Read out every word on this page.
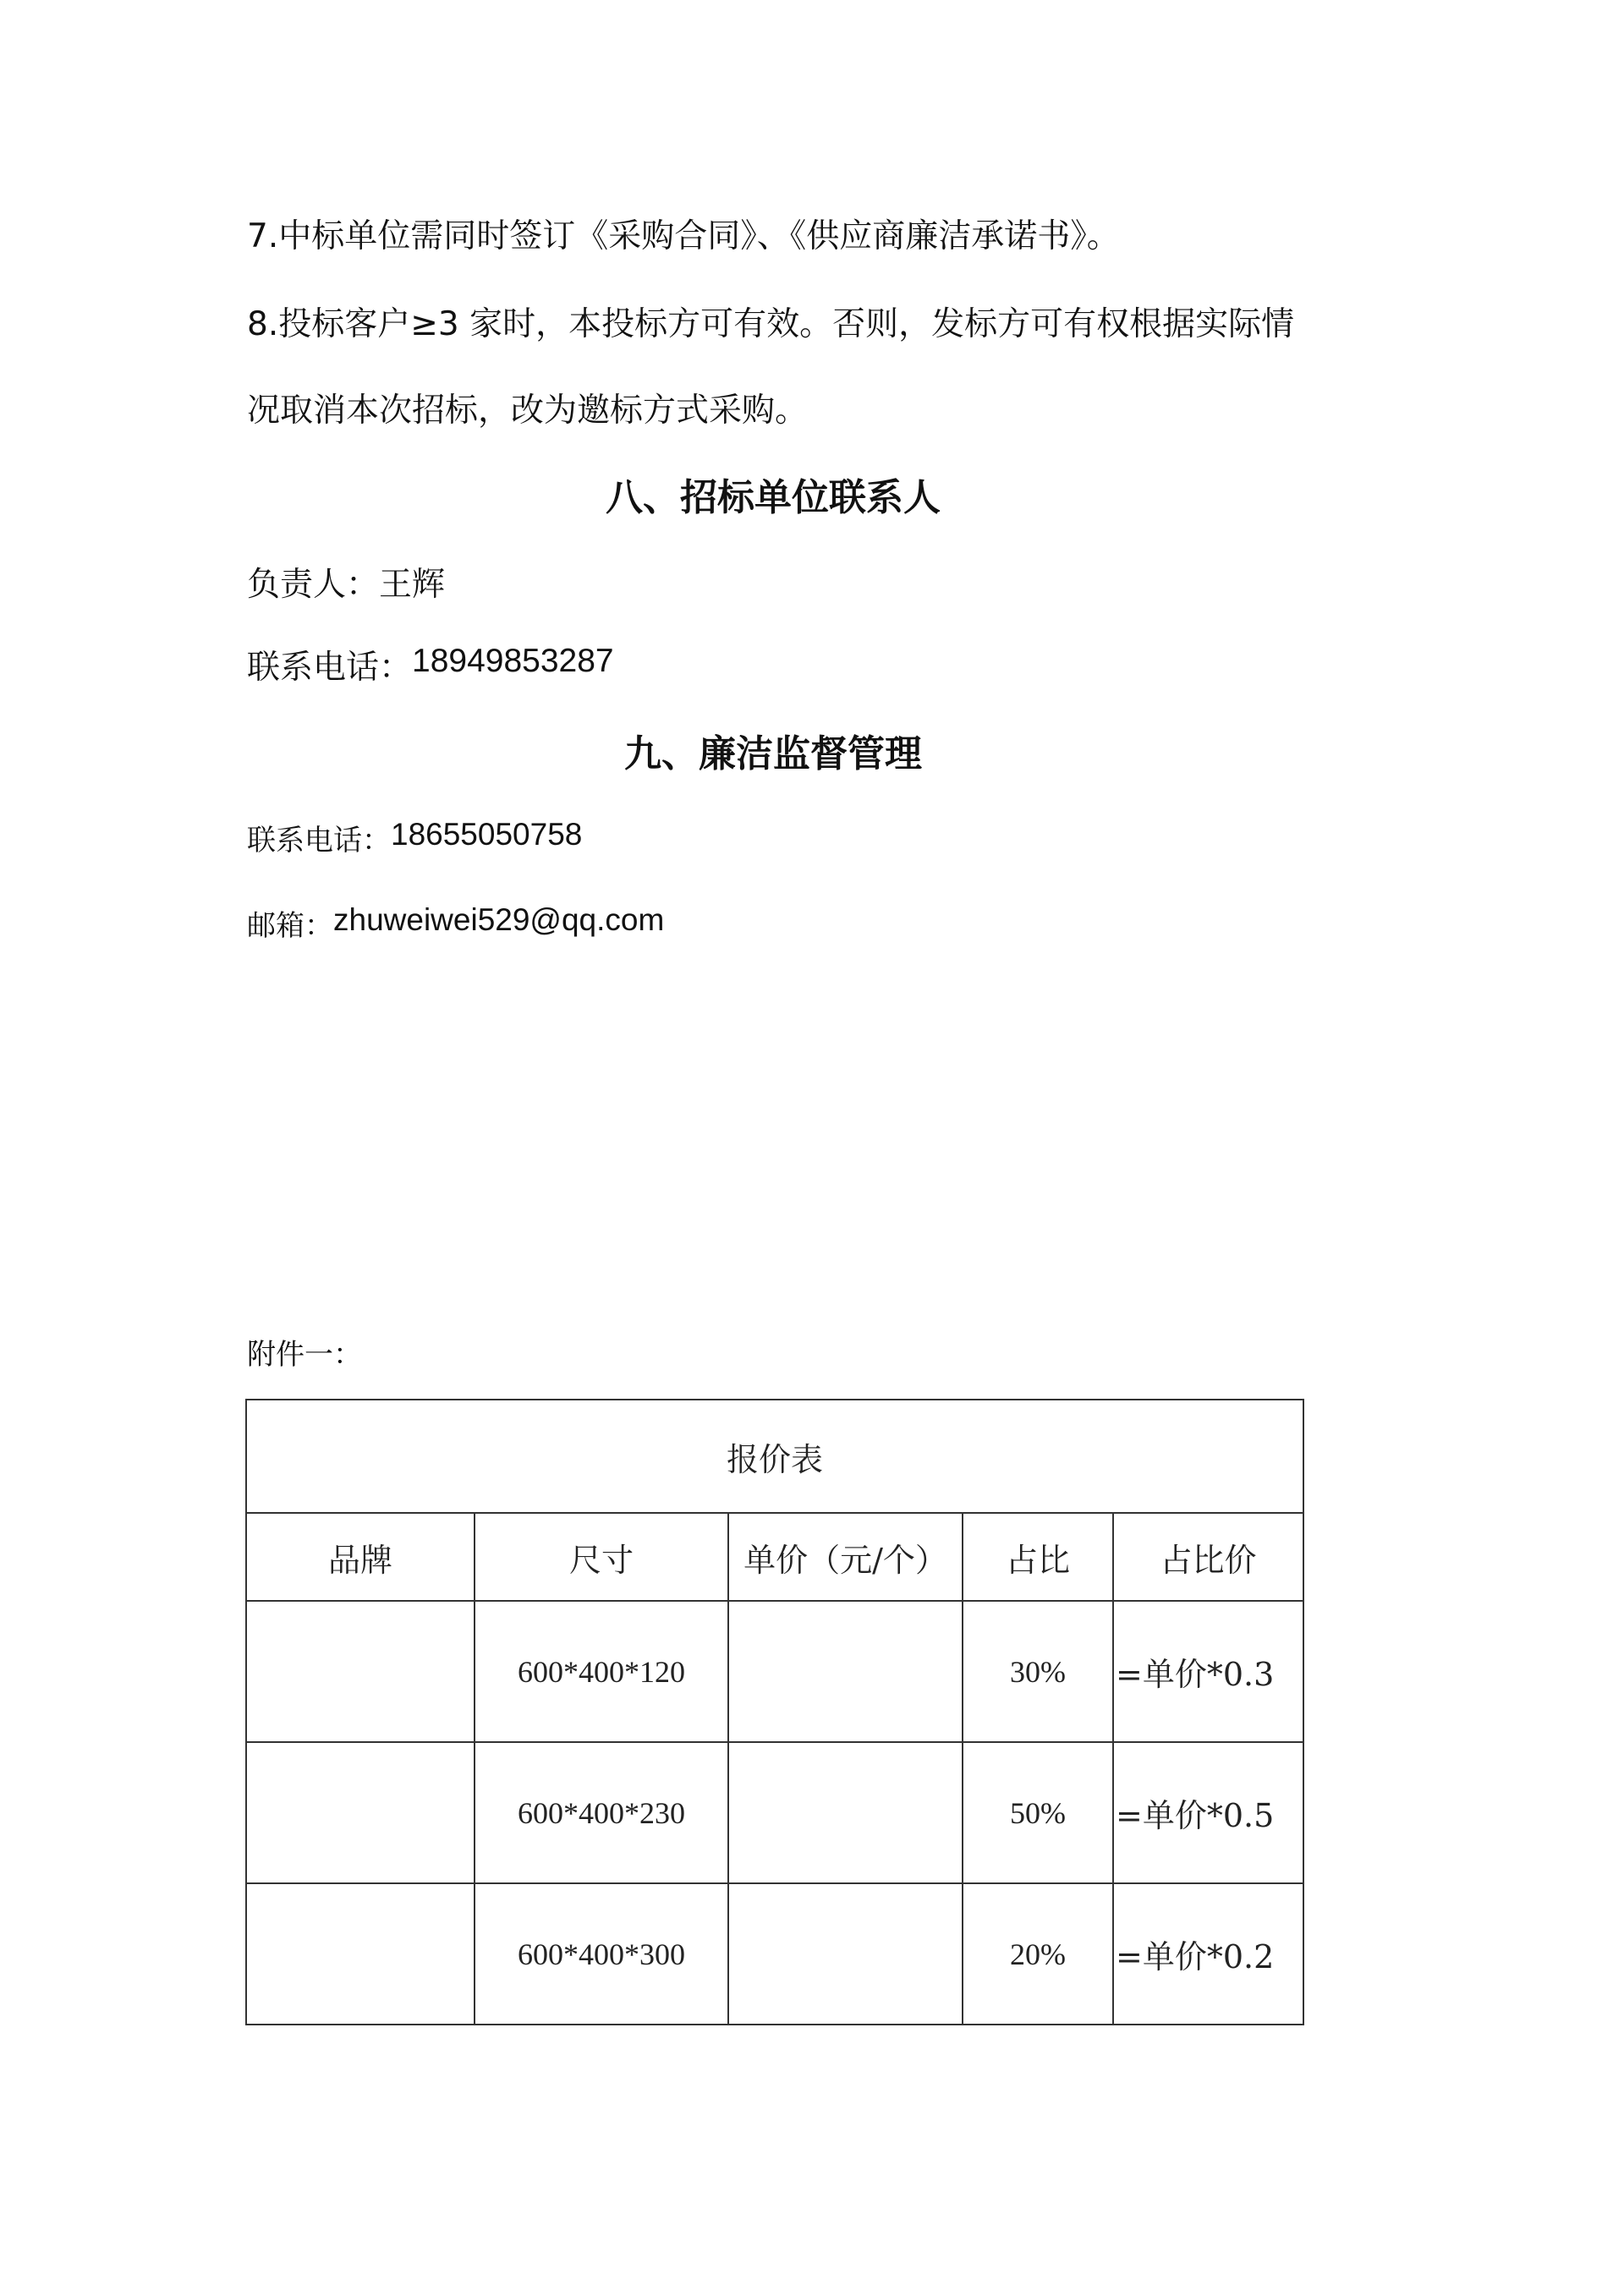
7.中标单位需同时签订《采购合同》、《供应商廉洁承诺书》。
8.投标客户≥3 家时，本投标方可有效。否则，发标方可有权根据实际情
况取消本次招标，改为邀标方式采购。
八、招标单位联系人
负责人：王辉
联系电话：18949853287
九、廉洁监督管理
联系电话：18655050758
邮箱：zhuweiwei529@qq.com
附件一：
报价表				
品牌	尺寸	单价（元/个）	占比	占比价
	600*400*120		30%	=单价*0.3
	600*400*230		50%	=单价*0.5
	600*400*300		20%	=单价*0.2
